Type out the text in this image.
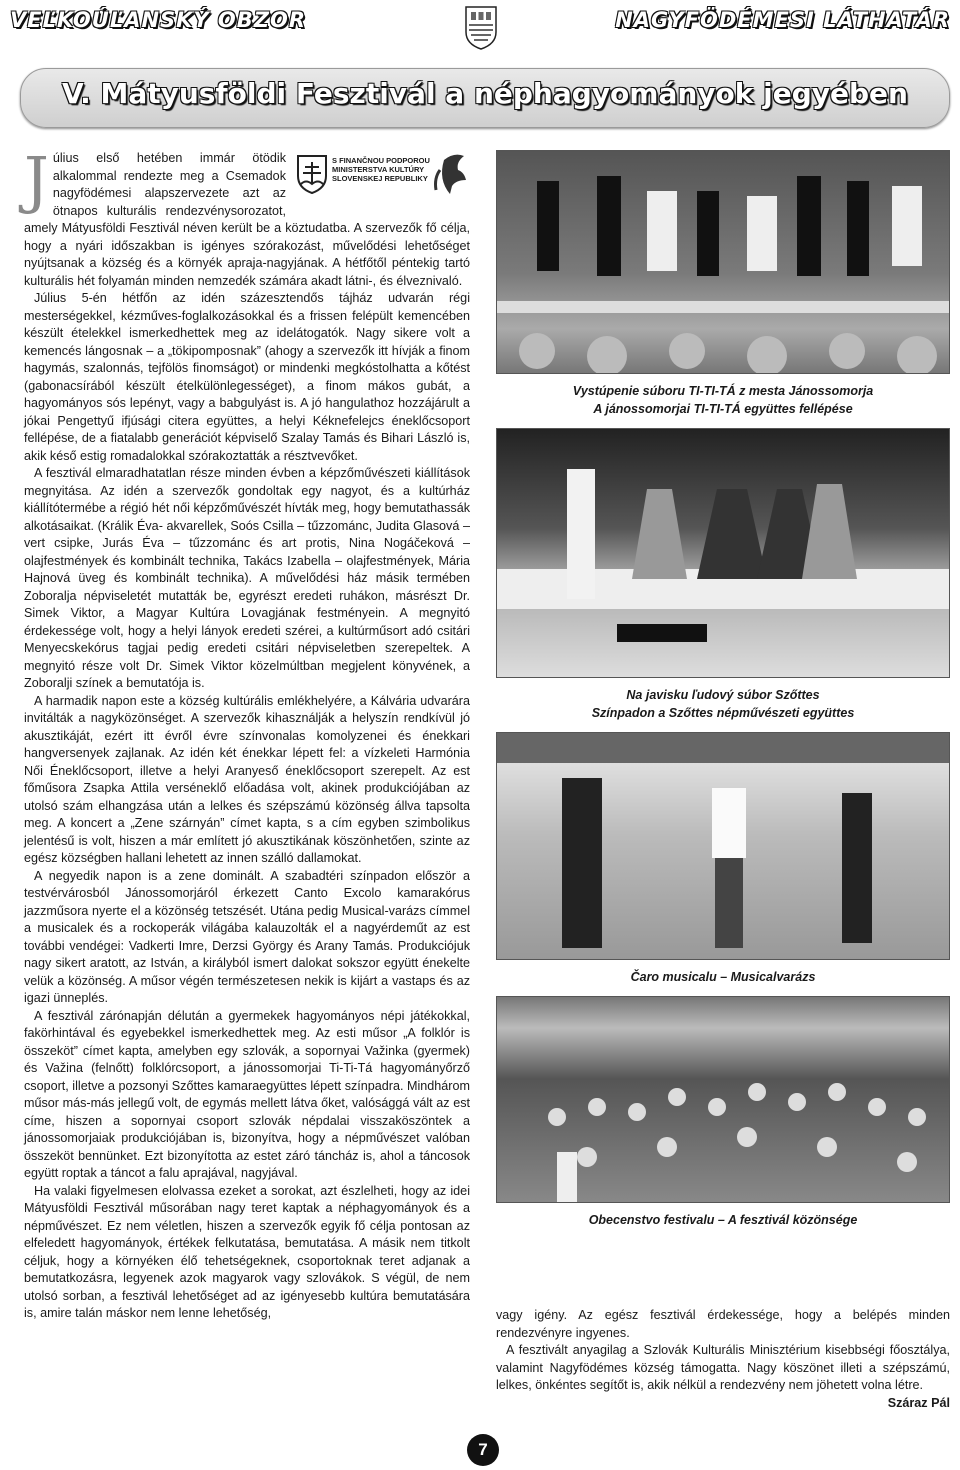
VEĽKOÚĽANSKÝ OBZOR	NAGYFÖDÉMESI LÁTHATÁR
V. Mátyusföldi Fesztivál a néphagyományok jegyében
S FINANČNOU PODPOROU
MINISTERSTVA KULTÚRY
SLOVENSKEJ REPUBLIKY

Július első hetében immár ötödik alkalommal rendezte meg a Csemadok nagyfödémesi alapszervezete azt az ötnapos kulturális rendezvénysorozatot, amely Mátyusföldi Fesztivál néven került be a köztudatba. A szervezők fő célja, hogy a nyári időszakban is igényes szórakozást, művelődési lehetőséget nyújtsanak a község és a környék apraja-nagyjának. A hétfőtől péntekig tartó kulturális hét folyamán minden nemzedék számára akadt látni-, és élveznivaló.

Július 5-én hétfőn az idén százesztendős tájház udvarán régi mesterségekkel, kézműves-foglalkozásokkal és a frissen felépült kemencében készült ételekkel ismerkedhettek meg az idelátogatók. Nagy sikere volt a kemencés lángosnak – a „tökipomposnak” (ahogy a szervezők itt hívják a finom hagymás, szalonnás, tejfölös finomságot) or mindenki megkóstolhatta a kőtést (gabonacsírából készült ételkülönlegességet), a finom mákos gubát, a hagyományos sós lepényt, vagy a babgulyást is. A jó hangulathoz hozzájárult a jókai Pengettyű ifjúsági citera együttes, a helyi Kéknefelejcs éneklőcsoport fellépése, de a fiatalabb generációt képviselő Szalay Tamás és Bihari László is, akik késő estig romadalokkal szórakoztatták a résztvevőket.

A fesztivál elmaradhatatlan része minden évben a képzőművészeti kiállítások megnyitása. Az idén a szervezők gondoltak egy nagyot, és a kultúrház kiállítótermébe a régió hét női képzőművészét hívták meg, hogy bemutathassák alkotásaikat. (Králik Éva- akvarellek, Soós Csilla – tűzzománc, Judita Glasová – vert csipke, Jurás Éva – tűzzománc és art protis, Nina Nogáčeková – olajfestmények és kombinált technika, Takács Izabella – olajfestmények, Mária Hajnová üveg és kombinált technika). A művelődési ház másik termében Zoboralja népviseletét mutatták be, egyrészt eredeti ruhákon, másrészt Dr. Simek Viktor, a Magyar Kultúra Lovagjának festményein. A megnyitó érdekessége volt, hogy a helyi lányok eredeti szérei, a kultúrműsort adó csitári Menyecskekórus tagjai pedig eredeti csitári népviseletben szerepeltek. A megnyitó része volt Dr. Simek Viktor közelmúltban megjelent könyvének, a Zoboralji színek a bemutatója is.

A harmadik napon este a község kultúrális emlékhelyére, a Kálvária udvarára invitálták a nagyközönséget. A szervezők kihasználják a helyszín rendkívül jó akusztikáját, ezért itt évről évre színvonalas komolyzenei és énekkari hangversenyek zajlanak. Az idén két énekkar lépett fel: a vízkeleti Harmónia Női Éneklőcsoport, illetve a helyi Aranyeső éneklőcsoport szerepelt. Az est főműsora Zsapka Attila verséneklő előadása volt, akinek produkciójában az utolsó szám elhangzása után a lelkes és szépszámú közönség állva tapsolta meg. A koncert a „Zene szárnyán” címet kapta, s a cím egyben szimbolikus jelentésű is volt, hiszen a már említett jó akusztikának köszönhetően, szinte az egész községben hallani lehetett az innen szálló dallamokat.

A negyedik napon is a zene dominált. A szabadtéri színpadon először a testvérvárosból Jánossomorjáról érkezett Canto Excolo kamarakórus jazzműsora nyerte el a közönség tetszését. Utána pedig Musical-varázs címmel a musicalek és a rockoperák világába kalauzolták el a nagyérdeműt az est további vendégei: Vadkerti Imre, Derzsi György és Arany Tamás. Produkciójuk nagy sikert aratott, az István, a királyból ismert dalokat sokszor együtt énekelte velük a közönség. A műsor végén természetesen nekik is kijárt a vastaps és az igazi ünneplés.

A fesztivál zárónapján délután a gyermekek hagyományos népi játékokkal, fakörhintával és egyebekkel ismerkedhettek meg. Az esti műsor „A folklór is összeköt” címet kapta, amelyben egy szlovák, a sopornyai Važinka (gyermek) és Važina (felnőtt) folklórcsoport, a jánossomorjai Ti-Ti-Tá hagyományőrző csoport, illetve a pozsonyi Szőttes kamaraegyüttes lépett színpadra. Mindhárom műsor más-más jellegű volt, de egymás mellett látva őket, valósággá vált az est címe, hiszen a sopornyai csoport szlovák népdalai visszaköszöntek a jánossomorjaiak produkciójában is, bizonyítva, hogy a népművészet valóban összeköt bennünket. Ezt bizonyította az estet záró táncház is, ahol a táncosok együtt roptak a táncot a falu aprajával, nagyjával.

Ha valaki figyelmesen elolvassa ezeket a sorokat, azt észlelheti, hogy az idei Mátyusföldi Fesztivál műsorában nagy teret kaptak a néphagyományok és a népművészet. Ez nem véletlen, hiszen a szervezők egyik fő célja pontosan az elfeledett hagyományok, értékek felkutatása, bemutatása. A másik nem titkolt céljuk, hogy a környéken élő tehetségeknek, csoportoknak teret adjanak a bemutatkozásra, legyenek azok magyarok vagy szlovákok. S végül, de nem utolsó sorban, a fesztivál lehetőséget ad az igényesebb kultúra bemutatására is, amire talán máskor nem lenne lehetőség,

Vystúpenie súboru TI-TI-TÁ z mesta Jánossomorja
A jánossomorjai TI-TI-TÁ együttes fellépése
Na javisku ľudový súbor Szőttes
Színpadon a Szőttes népművészeti együttes
Čaro musicalu – Musicalvarázs
Obecenstvo festivalu – A fesztivál közönsége

vagy igény. Az egész fesztivál érdekessége, hogy a belépés minden rendezvényre ingyenes.

A fesztivált anyagilag a Szlovák Kulturális Minisztérium kisebbségi főosztálya, valamint Nagyfödémes község támogatta. Nagy köszönet illeti a szépszámú, lelkes, önkéntes segítőt is, akik nélkül a rendezvény nem jöhetett volna létre.
Száraz Pál

7
